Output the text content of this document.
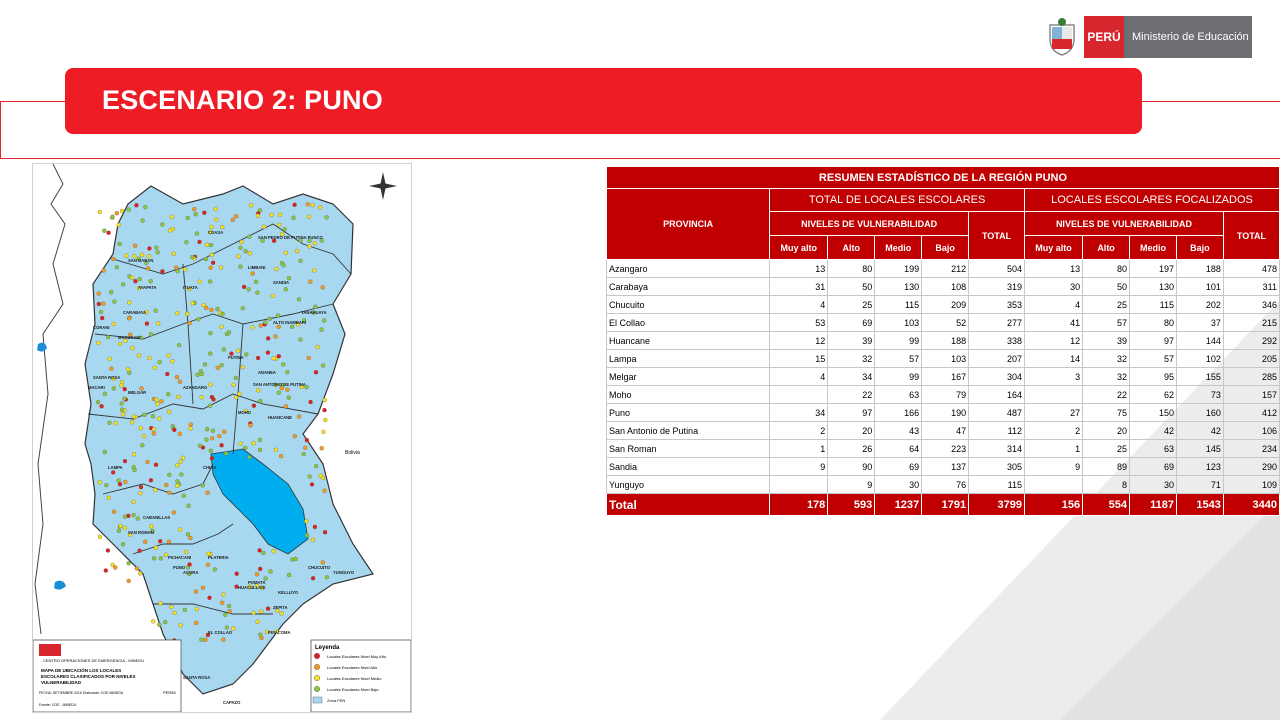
PERÚ	Ministerio de Educación
ESCENARIO 2: PUNO
CHICA
POMATA
ZEPITA
KELLUYO
HUACULLANI
PLATERIA
PICHACANI
ACORA
PISACOMA
CAPAZO
SANTA ROSA
YUNGUYO
CHUCUITO
EL COLLAO
CABANILLAS
SAN ROMAN
PUNO
LAMPA
MOHO
HUANCANE
SAN ANTONIO DE PUTINA
ANANEA
PUTINA
AZANGARO
MACARI
SANTA ROSA
MELGAR
YANAHUAYA
ALTO INAMBARI
CORANI
MACUSANI
CARABAYA
SANDIA
LIMBANI
ITUATA
AYAPATA
SAN GABAN
SAN PEDRO DE PUTINA PUNCO
COASA
Bolivia
CENTRO OPERACIONES DE EMERGENCIA - MINEDU
MAPA DE UBICACIÓN LOS LOCALES
ESCOLARES CLASIFICADOS POR NIVELES
VULNERABILIDAD
FECHA: SETIEMBRE 2016 Elaborado: COE MINEDU	PER65
Fuente: COE - MINEDU
Leyenda
Locales Escolares Nivel Muy Alto
Locales Escolares Nivel Alto
Locales Escolares Nivel Medio
Locales Escolares Nivel Bajo
Zona FEN
RESUMEN ESTADÍSTICO DE LA REGIÓN PUNO										
PROVINCIA	TOTAL DE LOCALES ESCOLARES					LOCALES ESCOLARES FOCALIZADOS				
	NIVELES DE VULNERABILIDAD				TOTAL	NIVELES DE VULNERABILIDAD				TOTAL
	Muy alto	Alto	Medio	Bajo		Muy alto	Alto	Medio	Bajo	
Azangaro	13	80	199	212	504	13	80	197	188	478
Carabaya	31	50	130	108	319	30	50	130	101	311
Chucuito	4	25	115	209	353	4	25	115	202	346
El Collao	53	69	103	52	277	41	57	80	37	215
Huancane	12	39	99	188	338	12	39	97	144	292
Lampa	15	32	57	103	207	14	32	57	102	205
Melgar	4	34	99	167	304	3	32	95	155	285
Moho		22	63	79	164		22	62	73	157
Puno	34	97	166	190	487	27	75	150	160	412
San Antonio de Putina	2	20	43	47	112	2	20	42	42	106
San Roman	1	26	64	223	314	1	25	63	145	234
Sandia	9	90	69	137	305	9	89	69	123	290
Yunguyo		9	30	76	115		8	30	71	109
Total	178	593	1237	1791	3799	156	554	1187	1543	3440
